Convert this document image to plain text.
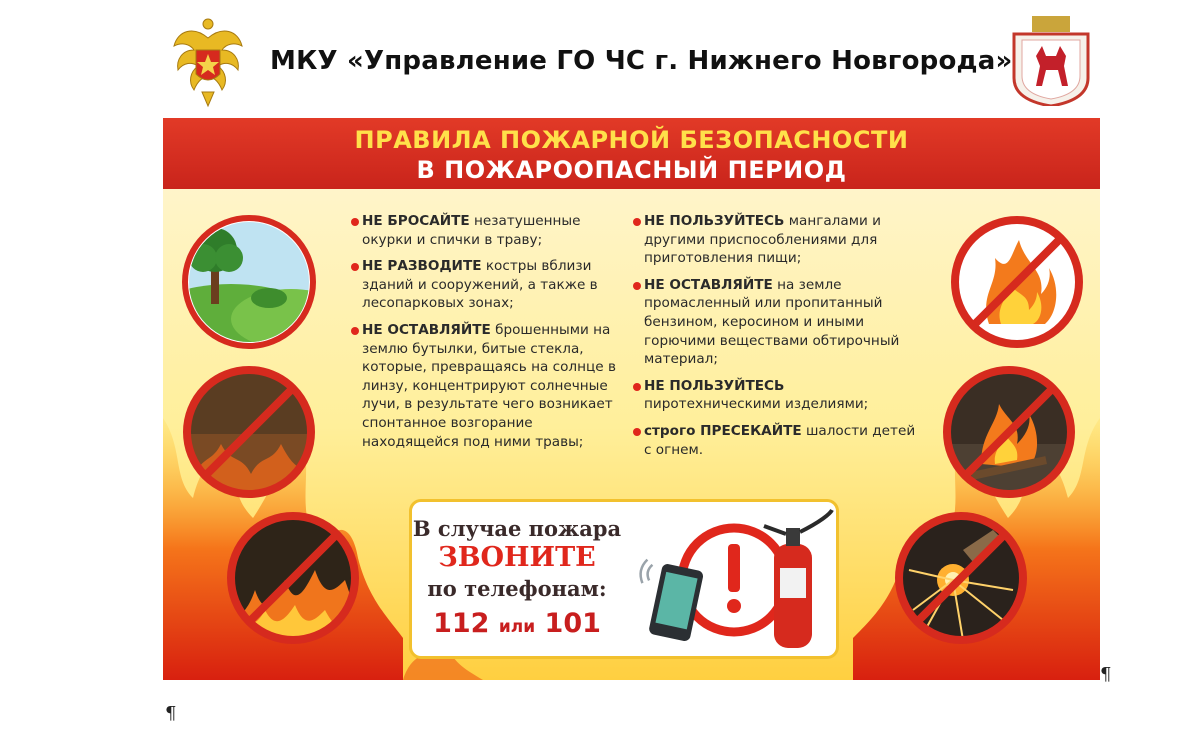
МКУ «Управление ГО ЧС г. Нижнего Новгорода»
ПРАВИЛА ПОЖАРНОЙ БЕЗОПАСНОСТИ
В ПОЖАРООПАСНЫЙ ПЕРИОД
НЕ БРОСАЙТЕ незатушенные окурки и спички в траву;
НЕ РАЗВОДИТЕ костры вблизи зданий и сооружений, а также в лесопарковых зонах;
НЕ ОСТАВЛЯЙТЕ брошенными на землю бутылки, битые стекла, которые, превращаясь на солнце в линзу, концентрируют солнечные лучи, в результате чего возникает спонтанное возгорание находящейся под ними травы;
НЕ ПОЛЬЗУЙТЕСЬ мангалами и другими приспособлениями для приготовления пищи;
НЕ ОСТАВЛЯЙТЕ на земле промасленный или пропитанный бензином, керосином и иными горючими веществами обтирочный материал;
НЕ ПОЛЬЗУЙТЕСЬ пиротехническими изделиями;
строго ПРЕСЕКАЙТЕ шалости детей с огнем.
В случае пожара
ЗВОНИТЕ
по телефонам:
112 или 101
¶
¶
